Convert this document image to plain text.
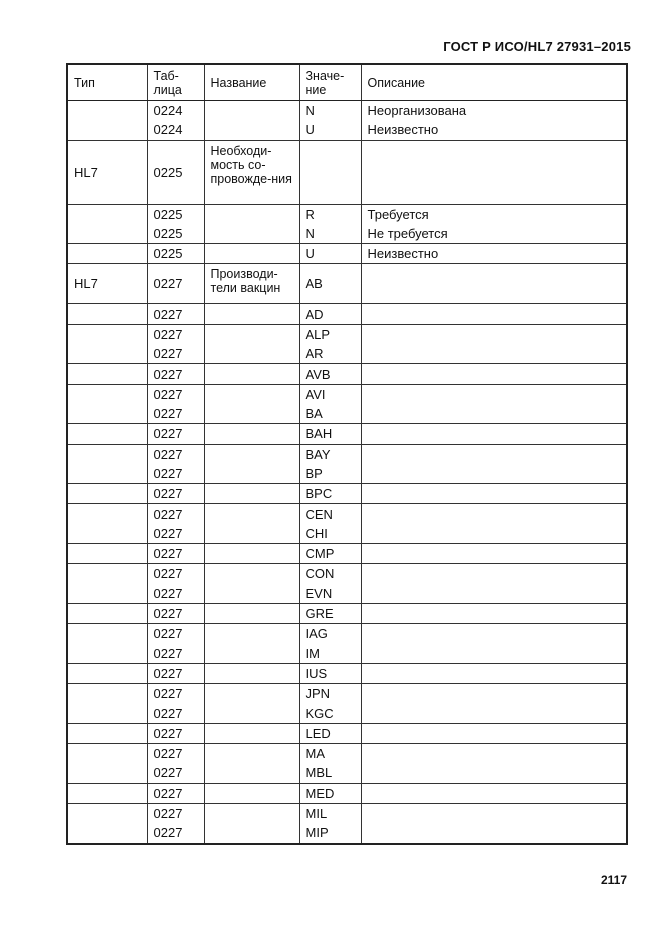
ГОСТ Р ИСО/HL7 27931–2015
Тип	Таб-
лица	Название	Значе-
ние	Описание
	0224		N	Неорганизована
	0224		U	Неизвестно
HL7	0225	Необходи-мость со-провожде-ния		
	0225		R	Требуется
	0225		N	Не требуется
	0225		U	Неизвестно
HL7	0227	Производи-тели вакцин	AB	
	0227		AD	
	0227		ALP	
	0227		AR	
	0227		AVB	
	0227		AVI	
	0227		BA	
	0227		BAH	
	0227		BAY	
	0227		BP	
	0227		BPC	
	0227		CEN	
	0227		CHI	
	0227		CMP	
	0227		CON	
	0227		EVN	
	0227		GRE	
	0227		IAG	
	0227		IM	
	0227		IUS	
	0227		JPN	
	0227		KGC	
	0227		LED	
	0227		MA	
	0227		MBL	
	0227		MED	
	0227		MIL	
	0227		MIP	
2117
